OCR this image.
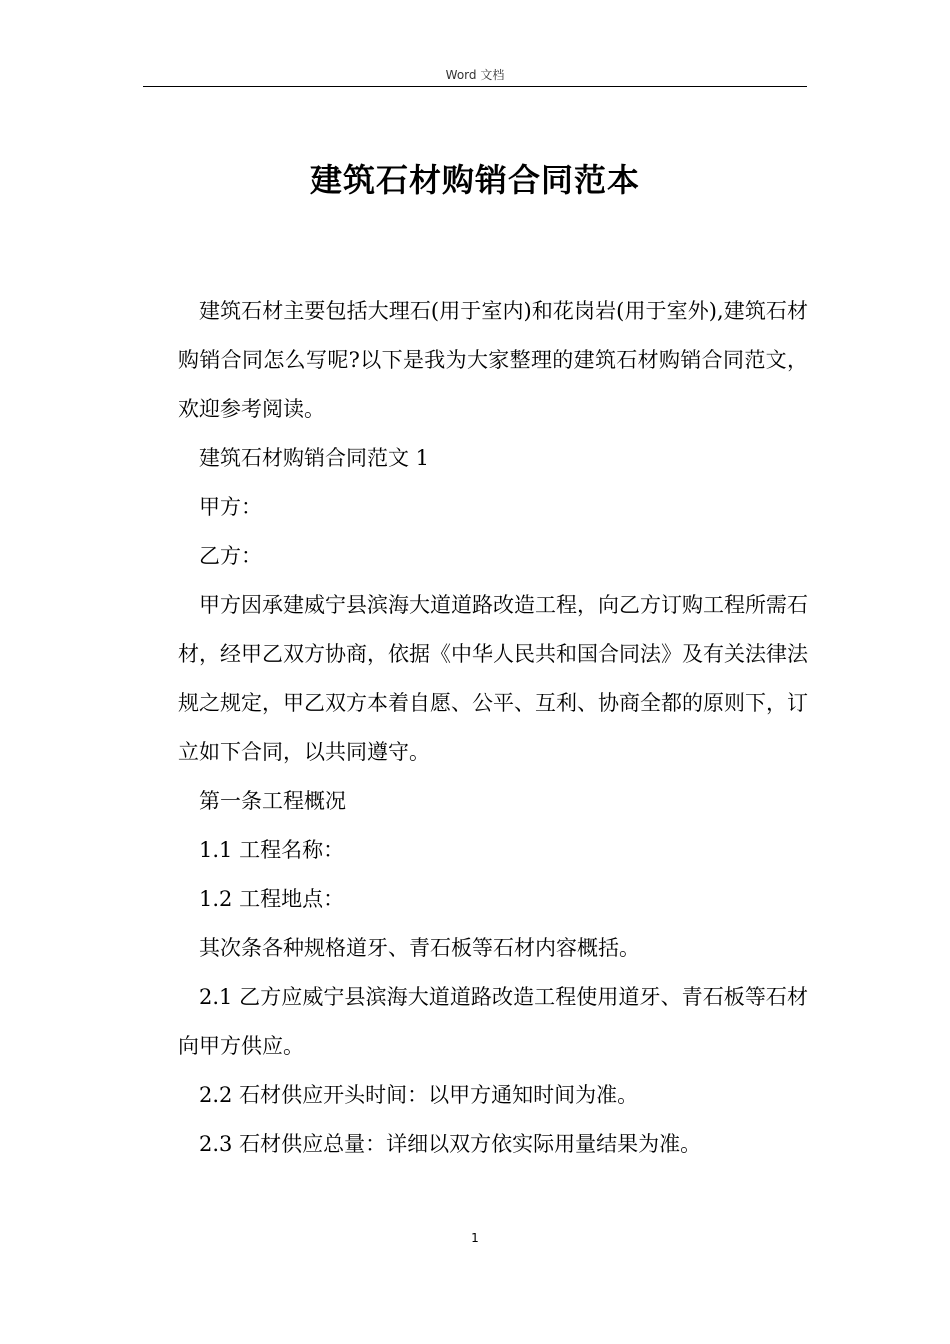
Word 文档
建筑石材购销合同范本

建筑石材主要包括大理石(用于室内)和花岗岩(用于室外),建筑石材购销合同怎么写呢?以下是我为大家整理的建筑石材购销合同范文，欢迎参考阅读。

建筑石材购销合同范文 1

甲方：

乙方：

甲方因承建威宁县滨海大道道路改造工程，向乙方订购工程所需石材，经甲乙双方协商，依据《中华人民共和国合同法》及有关法律法规之规定，甲乙双方本着自愿、公平、互利、协商全都的原则下，订立如下合同，以共同遵守。

第一条工程概况

1.1 工程名称：

1.2 工程地点：

其次条各种规格道牙、青石板等石材内容概括。

2.1 乙方应威宁县滨海大道道路改造工程使用道牙、青石板等石材向甲方供应。

2.2 石材供应开头时间：以甲方通知时间为准。

2.3 石材供应总量：详细以双方依实际用量结果为准。

1
